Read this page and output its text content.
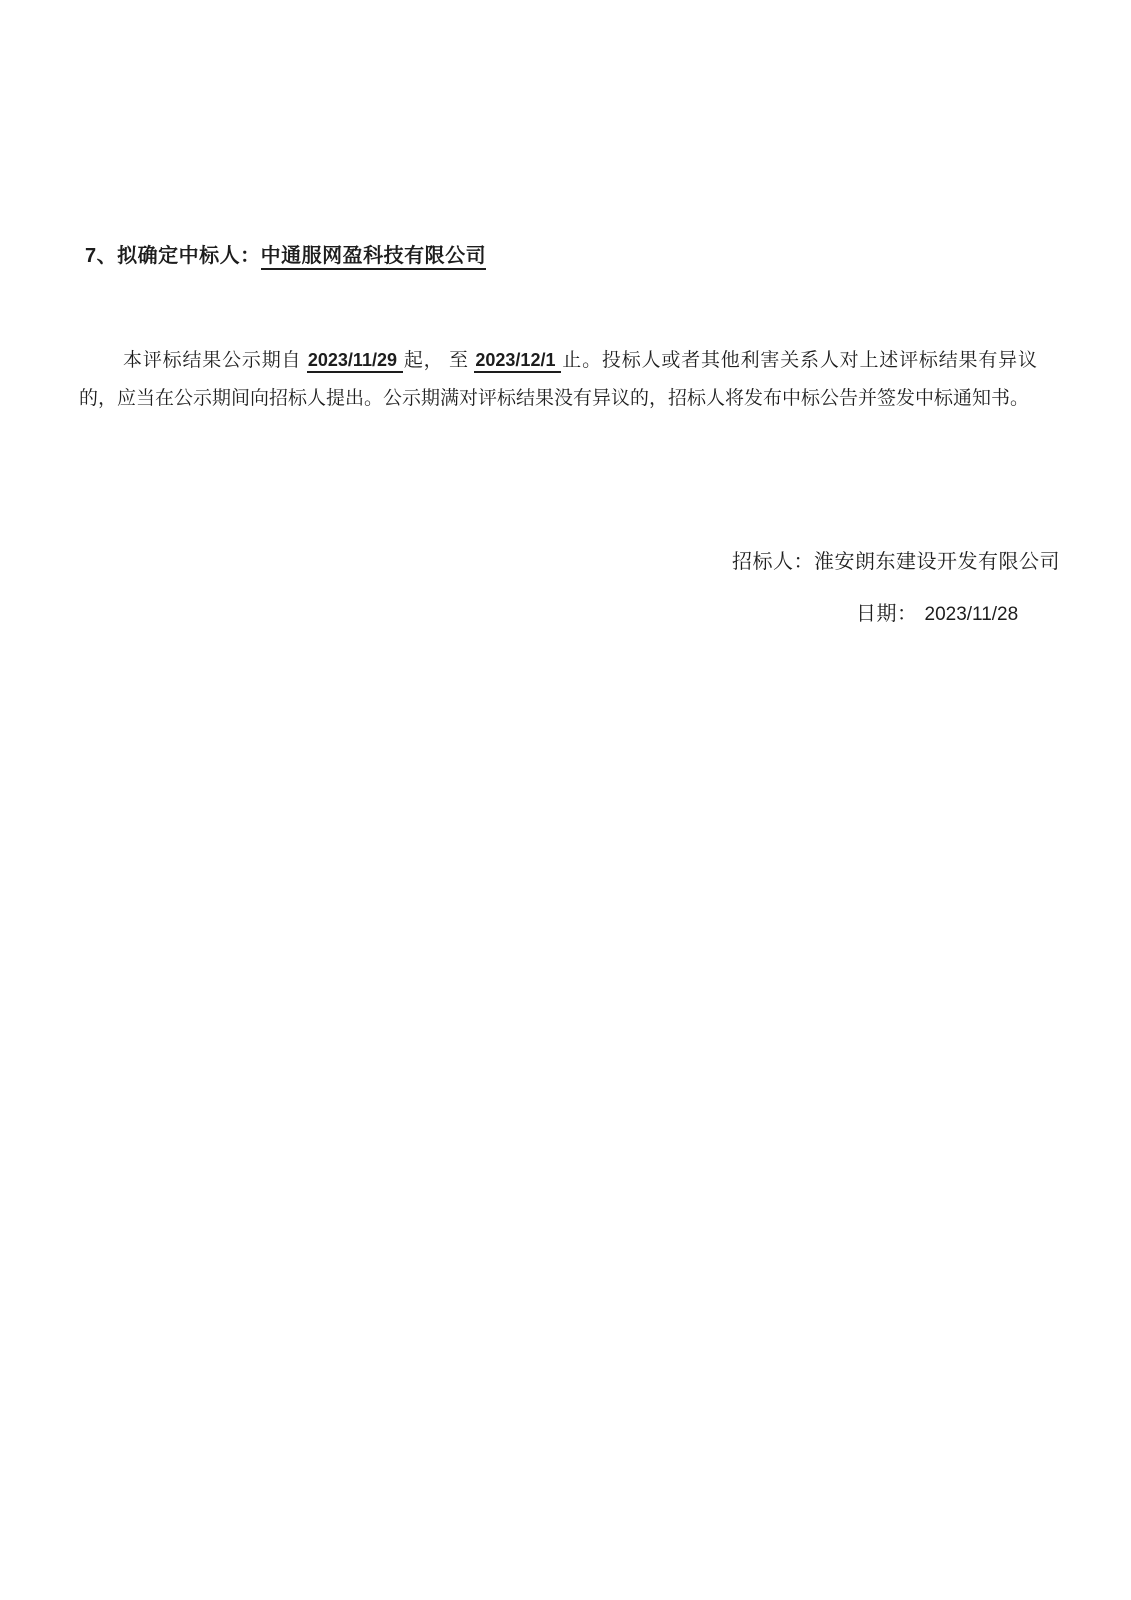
7、拟确定中标人：中通服网盈科技有限公司
本评标结果公示期自 2023/11/29 起， 至 2023/12/1 止。投标人或者其他利害关系人对上述评标结果有异议
的，应当在公示期间向招标人提出。公示期满对评标结果没有异议的，招标人将发布中标公告并签发中标通知书。
招标人：淮安朗东建设开发有限公司
日期： 2023/11/28
